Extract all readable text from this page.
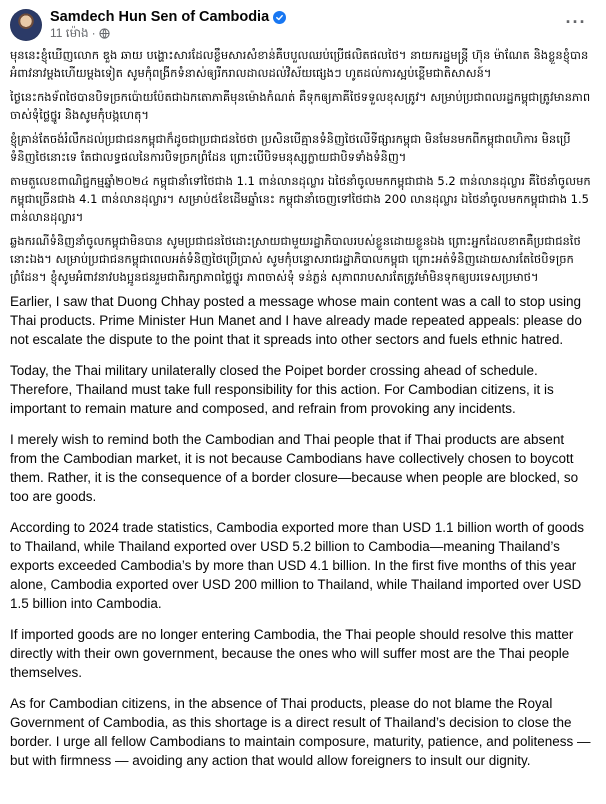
Samdech Hun Sen of Cambodia
11 ម៉ោង ·
···

មុននេះខ្ញុំឃើញលោក ឌួង ឆាយ បង្ហោះសារដែលខ្លឹមសារសំខាន់គឺបបួលឈប់ប្រើផលិតផលថៃ។ នាយករដ្ឋមន្ត្រី ហ៊ុន ម៉ាណែត និងខ្លួនខ្ញុំបានអំពាវនាវម្តងហើយម្តងទៀត សូមកុំពង្រីកទំនាស់ឲ្យរីករាលដាលដល់វិស័យផ្សេងៗ ហូតដល់ការស្អប់ខ្ពើមជាតិសាសន៍។

ថ្ងៃនេះកងទ័ពថៃបានបិទច្រកប៉ោយប៉ែតជាឯកតោភាគីមុនម៉ោងកំណត់ គឺទុកឲ្យភាគីថៃទទួលខុសត្រូវ។ សម្រាប់ប្រជាពលរដ្ឋកម្ពុជាត្រូវមានភាពចាស់ទុំថ្លៃថ្នូរ និងសូមកុំបង្កហេតុ។

ខ្ញុំគ្រាន់តែចង់រំលឹកដល់ប្រជាជនកម្ពុជាក៏ដូចជាប្រជាជនថៃថា ប្រសិនបើគ្មានទំនិញថៃលើទីផ្សារកម្ពុជា មិនមែនមកពីកម្ពុជាពហិការ មិនប្រើទំនិញថៃនោះទេ តែជាលទ្ធផលនៃការបិទច្រកព្រំដែន ព្រោះបើបិទមនុស្សក្លាយជាបិទទាំងទំនិញ។

តាមតួលេខពាណិជ្ជកម្មឆ្នាំ២០២៤ កម្ពុជានាំទៅថៃជាង 1.1 ពាន់លានដុល្លារ ឯថៃនាំចូលមកកម្ពុជាជាង 5.2 ពាន់លានដុល្លារ គឺថៃនាំចូលមកកម្ពុជាច្រើនជាង 4.1 ពាន់លានដុល្លារ។ សម្រាប់៥ខែដើមឆ្នាំនេះ កម្ពុជានាំចេញទៅថៃជាង 200 លានដុល្លារ ឯថៃនាំចូលមកកម្ពុជាជាង 1.5 ពាន់លានដុល្លារ។

ឆ្លងករណីទំនិញនាំចូលកម្ពុជាមិនបាន សូមប្រជាជនថៃដោះស្រាយជាមួយរដ្ឋាភិបាលរបស់ខ្លួនដោយខ្លួនឯង ព្រោះអ្នកដែលខាតគឺប្រជាជនថៃនោះឯង។ សម្រាប់ប្រជាជនកម្ពុជាពេលអត់ទំនិញថៃប្រើប្រាស់ សូមកុំបន្ទោសរាជរដ្ឋាភិបាលកម្ពុជា ព្រោះអត់ទំនិញដោយសារតែថៃបិទច្រកព្រំដែន។ ខ្ញុំសូមអំពាវនាវបងប្អូនជនរួមជាតិរក្សាភាពថ្លៃថ្នូរ ភាពចាស់ទុំ ទន់ភ្លន់ សុភាពរាបសារតែត្រូវមាំមិនទុកឲ្យបរទេសប្រមាថ។

Earlier, I saw that Duong Chhay posted a message whose main content was a call to stop using Thai products. Prime Minister Hun Manet and I have already made repeated appeals: please do not escalate the dispute to the point that it spreads into other sectors and fuels ethnic hatred.

Today, the Thai military unilaterally closed the Poipet border crossing ahead of schedule. Therefore, Thailand must take full responsibility for this action. For Cambodian citizens, it is important to remain mature and composed, and refrain from provoking any incidents.

I merely wish to remind both the Cambodian and Thai people that if Thai products are absent from the Cambodian market, it is not because Cambodians have collectively chosen to boycott them. Rather, it is the consequence of a border closure—because when people are blocked, so too are goods.

According to 2024 trade statistics, Cambodia exported more than USD 1.1 billion worth of goods to Thailand, while Thailand exported over USD 5.2 billion to Cambodia—meaning Thailand’s exports exceeded Cambodia’s by more than USD 4.1 billion. In the first five months of this year alone, Cambodia exported over USD 200 million to Thailand, while Thailand imported over USD 1.5 billion into Cambodia.

If imported goods are no longer entering Cambodia, the Thai people should resolve this matter directly with their own government, because the ones who will suffer most are the Thai people themselves.

As for Cambodian citizens, in the absence of Thai products, please do not blame the Royal Government of Cambodia, as this shortage is a direct result of Thailand’s decision to close the border. I urge all fellow Cambodians to maintain composure, maturity, patience, and politeness — but with firmness — avoiding any action that would allow foreigners to insult our dignity.
